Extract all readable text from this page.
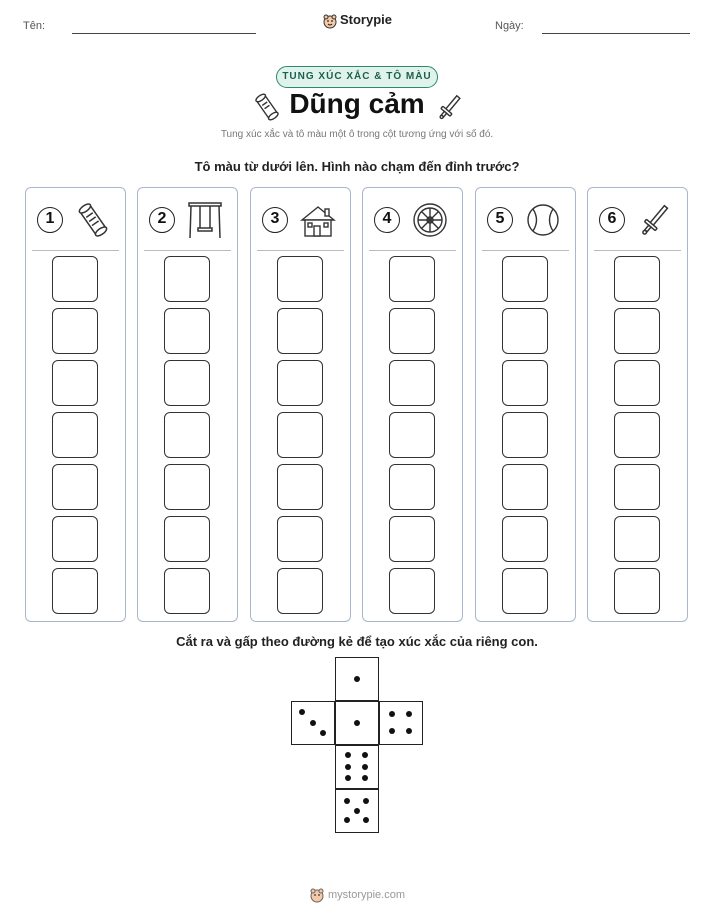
Tên:	Storypie	Ngày:
TUNG XÚC XẮC & TÔ MÀU
Dũng cảm
Tung xúc xắc và tô màu một ô trong cột tương ứng với số đó.
Tô màu từ dưới lên. Hình nào chạm đến đỉnh trước?
1	2	3	4	5	6
Cắt ra và gấp theo đường kẻ để tạo xúc xắc của riêng con.
mystorypie.com
